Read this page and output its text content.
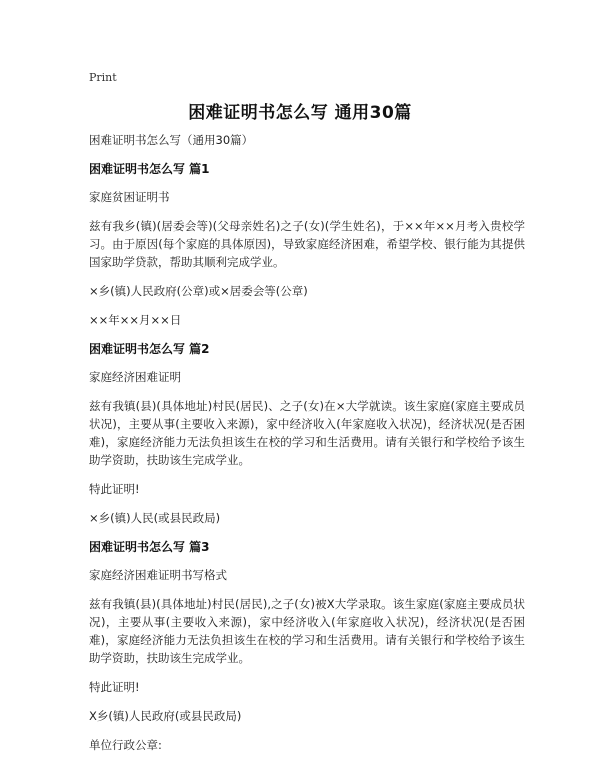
Print
困难证明书怎么写 通用30篇

困难证明书怎么写（通用30篇）

困难证明书怎么写 篇1

家庭贫困证明书

兹有我乡(镇)(居委会等)(父母亲姓名)之子(女)(学生姓名)，于××年××月考入贵校学习。由于原因(每个家庭的具体原因)，导致家庭经济困难，希望学校、银行能为其提供国家助学贷款，帮助其顺利完成学业。

×乡(镇)人民政府(公章)或×居委会等(公章)

××年××月××日

困难证明书怎么写 篇2

家庭经济困难证明

兹有我镇(县)(具体地址)村民(居民)、之子(女)在×大学就读。该生家庭(家庭主要成员状况)，主要从事(主要收入来源)，家中经济收入(年家庭收入状况)，经济状况(是否困难)，家庭经济能力无法负担该生在校的学习和生活费用。请有关银行和学校给予该生助学资助，扶助该生完成学业。

特此证明!

×乡(镇)人民(或县民政局)

困难证明书怎么写 篇3

家庭经济困难证明书写格式

兹有我镇(县)(具体地址)村民(居民),之子(女)被X大学录取。该生家庭(家庭主要成员状况)，主要从事(主要收入来源)，家中经济收入(年家庭收入状况)，经济状况(是否困难)，家庭经济能力无法负担该生在校的学习和生活费用。请有关银行和学校给予该生助学资助，扶助该生完成学业。

特此证明!

X乡(镇)人民政府(或县民政局)

单位行政公章:
